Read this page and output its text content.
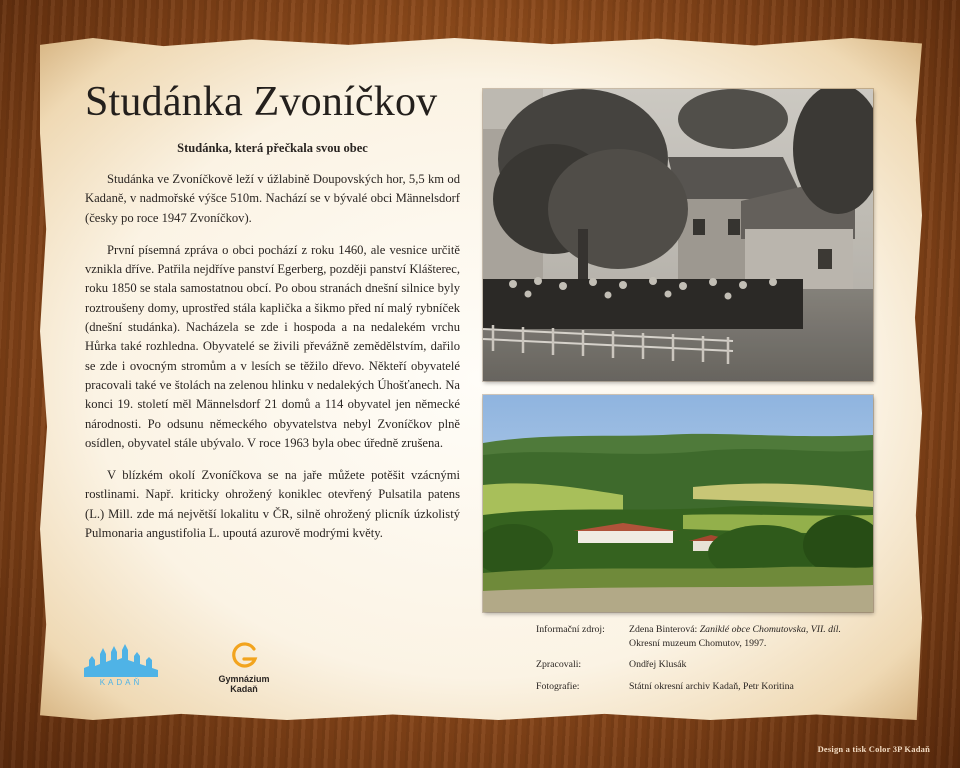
Studánka Zvoníčkov
Studánka, která přečkala svou obec

Studánka ve Zvoníčkově leží v úžlabině Doupovských hor, 5,5 km od Kadaně, v nadmořské výšce 510m. Nachází se v bývalé obci Männelsdorf (česky po roce 1947 Zvoníčkov).

První písemná zpráva o obci pochází z roku 1460, ale vesnice určitě vznikla dříve. Patřila nejdříve panství Egerberg, později panství Klášterec, roku 1850 se stala samostatnou obcí. Po obou stranách dnešní silnice byly roztroušeny domy, uprostřed stála kaplička a šikmo před ní malý rybníček (dnešní studánka). Nacházela se zde i hospoda a na nedalekém vrchu Hůrka také rozhledna. Obyvatelé se živili převážně zemědělstvím, dařilo se zde i ovocným stromům a v lesích se těžilo dřevo. Někteří obyvatelé pracovali také ve štolách na zelenou hlinku v nedalekých Úhošťanech. Na konci 19. století měl Männelsdorf 21 domů a 114 obyvatel jen německé národnosti. Po odsunu německého obyvatelstva nebyl Zvoníčkov plně osídlen, obyvatel stále ubývalo. V roce 1963 byla obec úředně zrušena.

V blízkém okolí Zvoníčkova se na jaře můžete potěšit vzácnými rostlinami. Např. kriticky ohrožený koniklec otevřený Pulsatila patens (L.) Mill. zde má největší lokalitu v ČR, silně ohrožený plicník úzkolistý Pulmonaria angustifolia L. upoutá azurově modrými květy.

Informační zdroj:	Zdena Binterová: Zaniklé obce Chomutovska, VII. díl.
Okresní muzeum Chomutov, 1997.
Zpracovali:	Ondřej Klusák
Fotografie:	Státní okresní archiv Kadaň, Petr Koritina
KADAŇ	Gymnázium
Kadaň
Design a tisk Color 3P Kadaň
